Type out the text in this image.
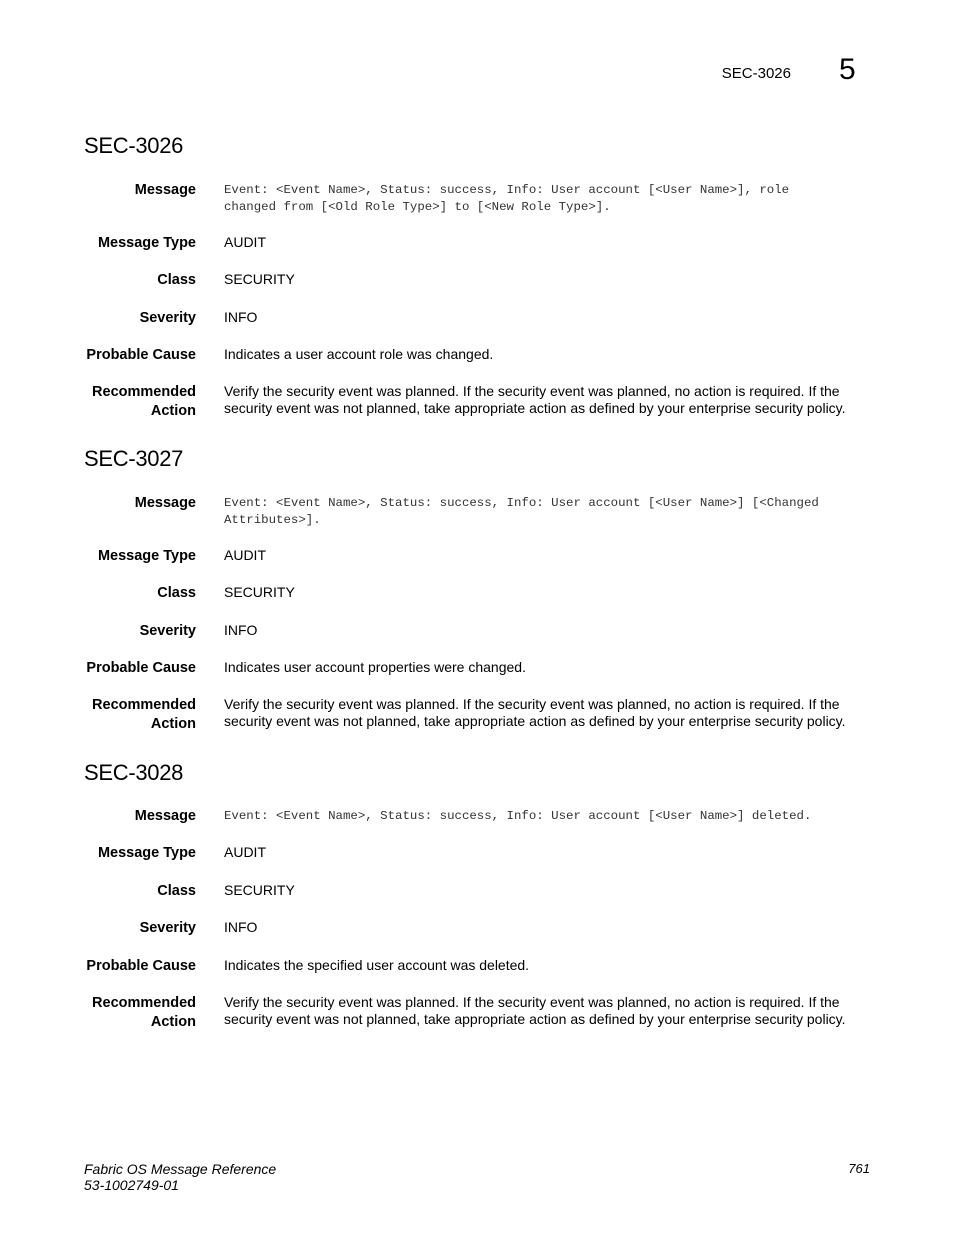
SEC-3026 5
SEC-3026
Message Event: <Event Name>, Status: success, Info: User account [<User Name>], role
changed from [<Old Role Type>] to [<New Role Type>].
Message Type AUDIT
Class SECURITY
Severity INFO
Probable Cause Indicates a user account role was changed.
Recommended
Action
Verify the security event was planned. If the security event was planned, no action is required. If the
security event was not planned, take appropriate action as defined by your enterprise security policy.
SEC-3027
Message Event: <Event Name>, Status: success, Info: User account [<User Name>] [<Changed
Attributes>].
Message Type AUDIT
Class SECURITY
Severity INFO
Probable Cause Indicates user account properties were changed.
Recommended
Action
Verify the security event was planned. If the security event was planned, no action is required. If the
security event was not planned, take appropriate action as defined by your enterprise security policy.
SEC-3028
Message Event: <Event Name>, Status: success, Info: User account [<User Name>] deleted.
Message Type AUDIT
Class SECURITY
Severity INFO
Probable Cause Indicates the specified user account was deleted.
Recommended
Action
Verify the security event was planned. If the security event was planned, no action is required. If the
security event was not planned, take appropriate action as defined by your enterprise security policy.
Fabric OS Message Reference
53-1002749-01
761
